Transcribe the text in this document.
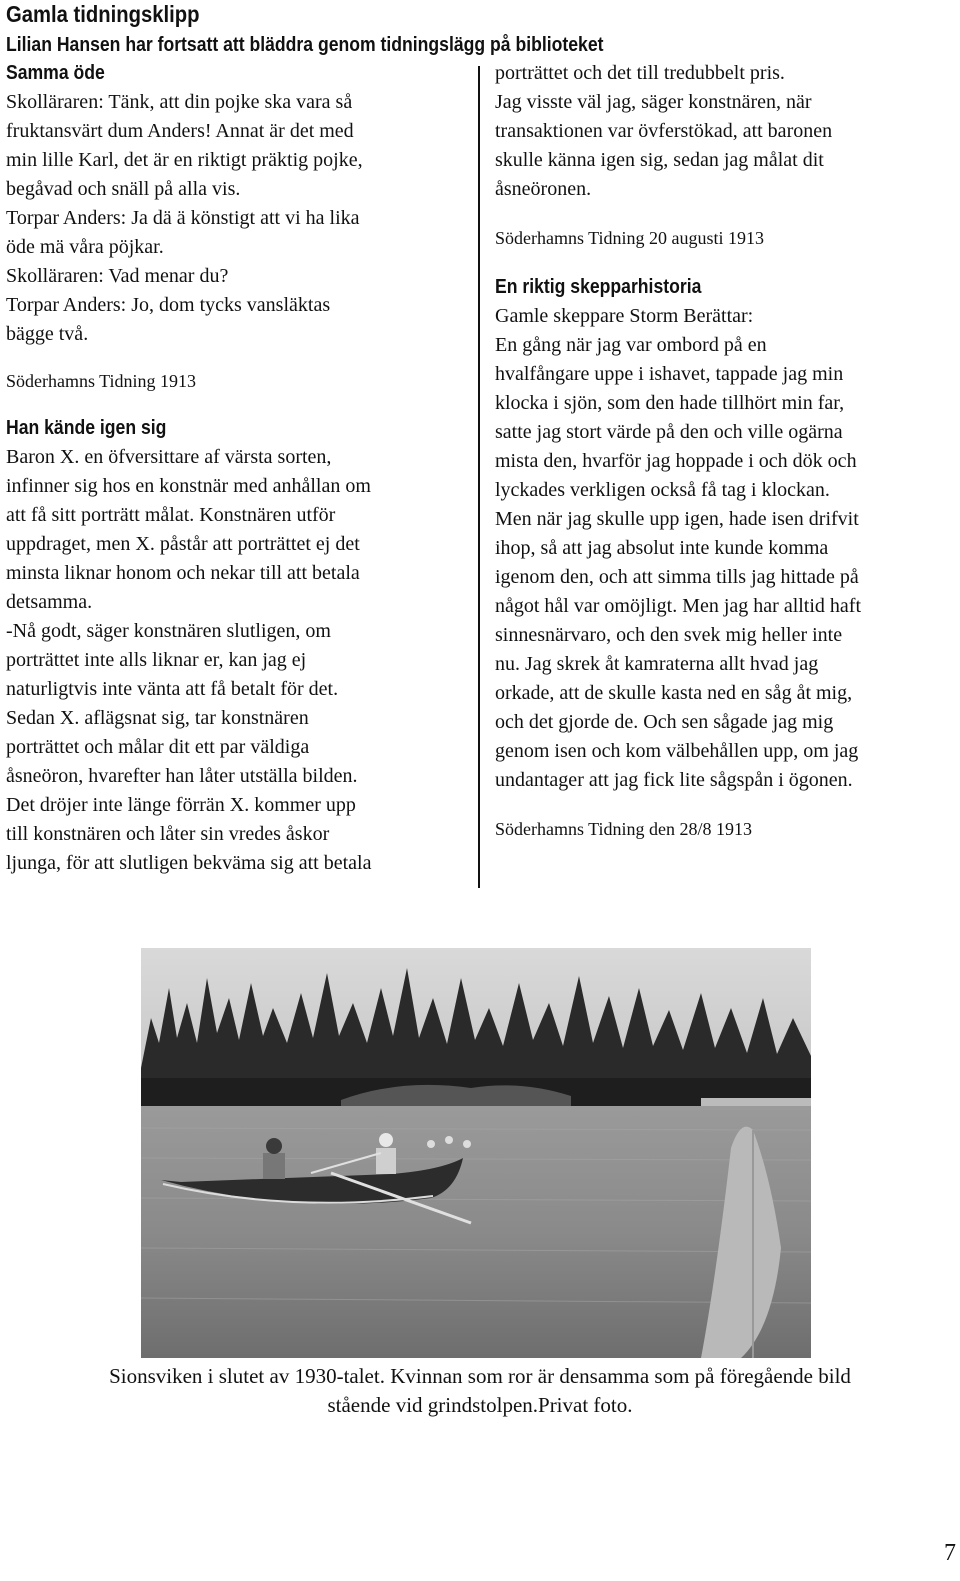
Gamla tidningsklipp
Lilian Hansen har fortsatt att bläddra genom tidningslägg på biblioteket
Samma öde

Skolläraren: Tänk, att din pojke ska vara så

fruktansvärt dum Anders! Annat är det med

min lille Karl, det är en riktigt präktig pojke,

begåvad och snäll på alla vis.

Torpar Anders: Ja dä ä könstigt att vi ha lika

öde mä våra pöjkar.

Skolläraren: Vad menar du?

Torpar Anders: Jo, dom tycks vansläktas

bägge två.

Söderhamns Tidning 1913

Han kände igen sig

Baron X. en öfversittare af värsta sorten,

infinner sig hos en konstnär med anhållan om

att få sitt porträtt målat. Konstnären utför

uppdraget, men X. påstår att porträttet ej det

minsta liknar honom och nekar till att betala

detsamma.

-Nå godt, säger konstnären slutligen, om

porträttet inte alls liknar er, kan jag ej

naturligtvis inte vänta att få betalt för det.

Sedan X. aflägsnat sig, tar konstnären

porträttet och målar dit ett par väldiga

åsneöron, hvarefter han låter utställa bilden.

Det dröjer inte länge förrän X. kommer upp

till konstnären och låter sin vredes åskor

ljunga, för att slutligen bekväma sig att betala

porträttet och det till tredubbelt pris.

Jag visste väl jag, säger konstnären, när

transaktionen var övferstökad, att baronen

skulle känna igen sig, sedan jag målat dit

åsneöronen.

Söderhamns Tidning 20 augusti 1913

En riktig skepparhistoria

Gamle skeppare Storm Berättar:

En gång när jag var ombord på en

hvalfångare uppe i ishavet, tappade jag min

klocka i sjön, som den hade tillhört min far,

satte jag stort värde på den och ville ogärna

mista den, hvarför jag hoppade i och dök och

lyckades verkligen också få tag i klockan.

Men när jag skulle upp igen, hade isen drifvit

ihop, så att jag absolut inte kunde komma

igenom den, och att simma tills jag hittade på

något hål var omöjligt. Men jag har alltid haft

sinnesnärvaro, och den svek mig heller inte

nu. Jag skrek åt kamraterna allt hvad jag

orkade, att de skulle kasta ned en såg åt mig,

och det gjorde de. Och sen sågade jag mig

genom isen och kom välbehållen upp, om jag

undantager att jag fick lite sågspån i ögonen.

Söderhamns Tidning den 28/8 1913

Sionsviken i slutet av 1930-talet. Kvinnan som ror är densamma som på föregående bild
stående vid grindstolpen.Privat foto.
7
